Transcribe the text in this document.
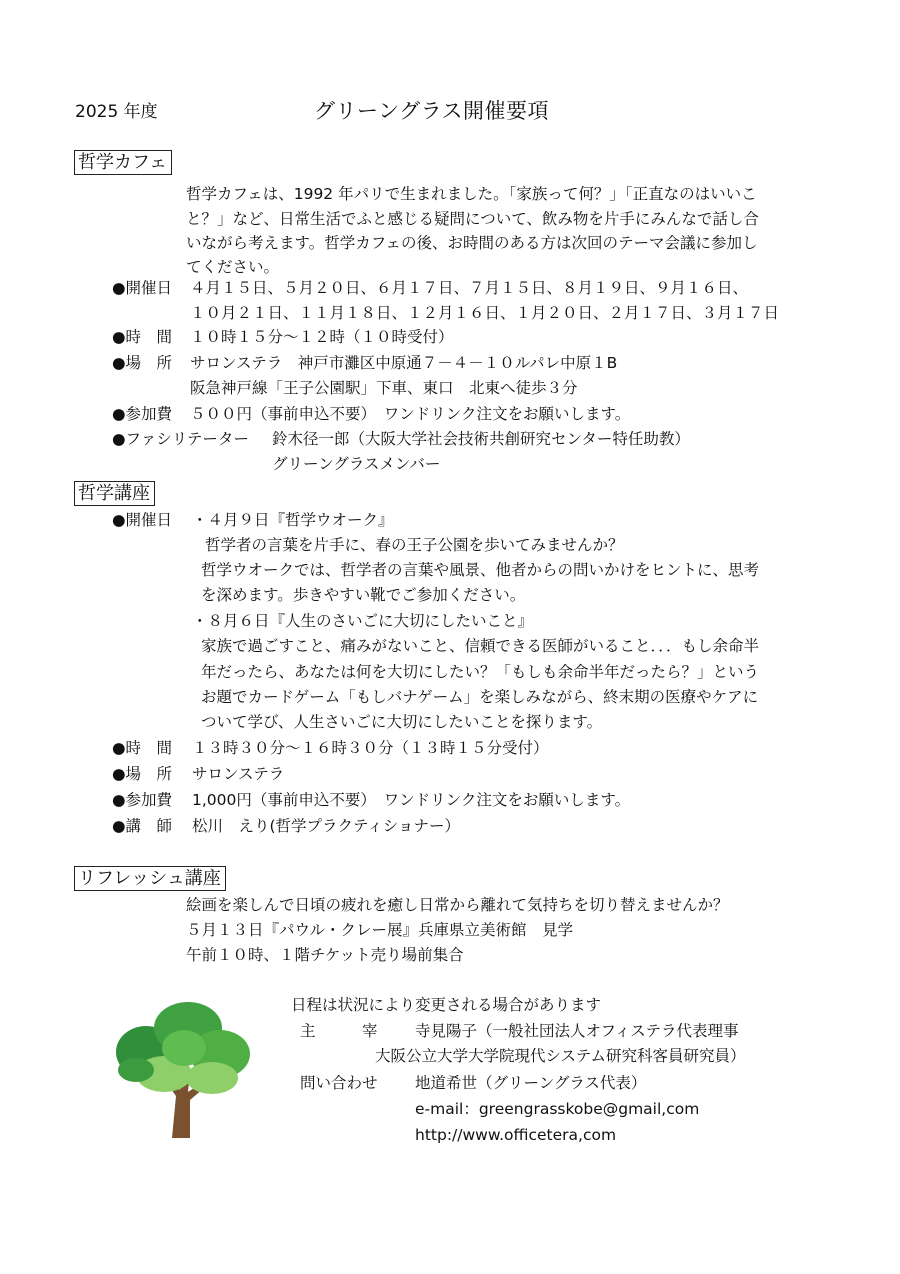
2025 年度	グリーングラス開催要項
哲学カフェ
哲学カフェは、1992 年パリで生まれました。「家族って何？」「正直なのはいいこ
と？」など、日常生活でふと感じる疑問について、飲み物を片手にみんなで話し合
いながら考えます。哲学カフェの後、お時間のある方は次回のテーマ会議に参加し
てください。
●開催日 ４月１５日、５月２０日、６月１７日、７月１５日、８月１９日、９月１６日、
１０月２１日、１１月１８日、１２月１６日、１月２０日、２月１７日、３月１７日
●時　間 １０時１５分～１２時（１０時受付）
●場　所 サロンステラ　神戸市灘区中原通７－４－１０ルパレ中原１B
阪急神戸線「王子公園駅」下車、東口　北東へ徒歩３分
●参加費 ５００円（事前申込不要）　ワンドリンク注文をお願いします。
●ファシリテーター 鈴木径一郎（大阪大学社会技術共創研究センター特任助教）
グリーングラスメンバー
哲学講座
●開催日 ・４月９日『哲学ウオーク』
哲学者の言葉を片手に、春の王子公園を歩いてみませんか？
哲学ウオークでは、哲学者の言葉や風景、他者からの問いかけをヒントに、思考
を深めます。歩きやすい靴でご参加ください。
・８月６日『人生のさいごに大切にしたいこと』
家族で過ごすこと、痛みがないこと、信頼できる医師がいること．．．もし余命半
年だったら、あなたは何を大切にしたい？「もしも余命半年だったら？」という
お題でカードゲーム「もしバナゲーム」を楽しみながら、終末期の医療やケアに
ついて学び、人生さいごに大切にしたいことを探ります。
●時　間 １３時３０分～１６時３０分（１３時１５分受付）
●場　所 サロンステラ
●参加費 1,000円（事前申込不要）　ワンドリンク注文をお願いします。
●講　師 松川　えり(哲学プラクティショナー）
リフレッシュ講座
絵画を楽しんで日頃の疲れを癒し日常から離れて気持ちを切り替えませんか？
５月１３日『パウル・クレー展』兵庫県立美術館　見学
午前１０時、１階チケット売り場前集合
日程は状況により変更される場合があります
主　　　宰 寺見陽子（一般社団法人オフィステラ代表理事
大阪公立大学大学院現代システム研究科客員研究員）
問い合わせ 地道希世（グリーングラス代表）
e-mail：greengrasskobe@gmail,com
http://www.officetera,com
